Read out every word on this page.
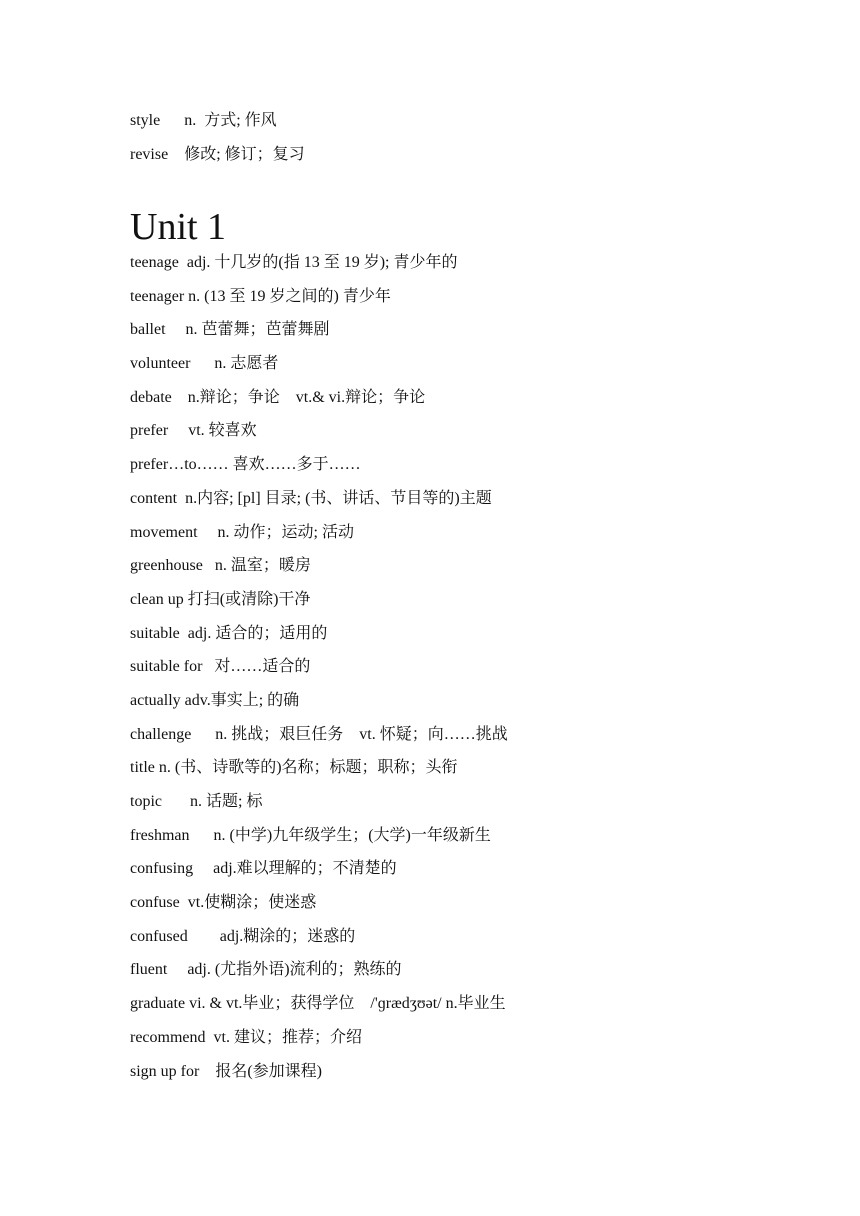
style      n.  方式; 作风
revise    修改; 修订；复习
Unit 1
teenage  adj. 十几岁的(指 13 至 19 岁); 青少年的
teenager n. (13 至 19 岁之间的) 青少年
ballet     n. 芭蕾舞；芭蕾舞剧
volunteer      n. 志愿者
debate    n.辩论；争论    vt.& vi.辩论；争论
prefer     vt. 较喜欢
prefer…to…… 喜欢……多于……
content  n.内容; [pl] 目录; (书、讲话、节目等的)主题
movement     n. 动作；运动; 活动
greenhouse   n. 温室；暖房
clean up 打扫(或清除)干净
suitable  adj. 适合的；适用的
suitable for   对……适合的
actually adv.事实上; 的确
challenge      n. 挑战；艰巨任务    vt. 怀疑；向……挑战
title n. (书、诗歌等的)名称；标题；职称；头衔
topic       n. 话题; 标
freshman      n. (中学)九年级学生；(大学)一年级新生
confusing     adj.难以理解的；不清楚的
confuse  vt.使糊涂；使迷惑
confused        adj.糊涂的；迷惑的
fluent     adj. (尤指外语)流利的；熟练的
graduate vi. & vt.毕业；获得学位    /'ɡrædʒʊət/ n.毕业生
recommend  vt. 建议；推荐；介绍
sign up for    报名(参加课程)
